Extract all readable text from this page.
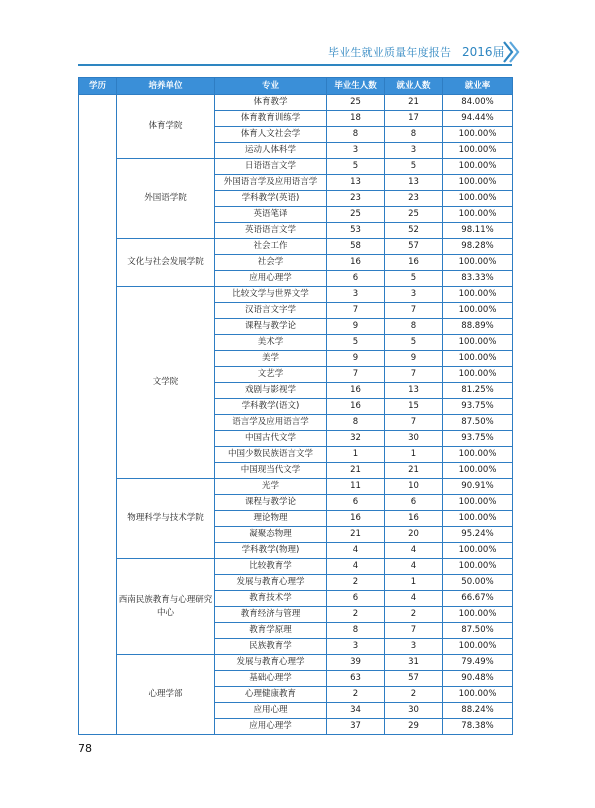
毕业生就业质量年度报告 2016届
学历	培养单位	专业	毕业生人数	就业人数	就业率
	体育学院	体育教学	25	21	84.00%
		体育教育训练学	18	17	94.44%
		体育人文社会学	8	8	100.00%
		运动人体科学	3	3	100.00%
	外国语学院	日语语言文学	5	5	100.00%
		外国语言学及应用语言学	13	13	100.00%
		学科教学(英语)	23	23	100.00%
		英语笔译	25	25	100.00%
		英语语言文学	53	52	98.11%
	文化与社会发展学院	社会工作	58	57	98.28%
		社会学	16	16	100.00%
		应用心理学	6	5	83.33%
	文学院	比较文学与世界文学	3	3	100.00%
		汉语言文字学	7	7	100.00%
		课程与教学论	9	8	88.89%
		美术学	5	5	100.00%
		美学	9	9	100.00%
		文艺学	7	7	100.00%
		戏剧与影视学	16	13	81.25%
		学科教学(语文)	16	15	93.75%
		语言学及应用语言学	8	7	87.50%
		中国古代文学	32	30	93.75%
		中国少数民族语言文学	1	1	100.00%
		中国现当代文学	21	21	100.00%
	物理科学与技术学院	光学	11	10	90.91%
		课程与教学论	6	6	100.00%
		理论物理	16	16	100.00%
		凝聚态物理	21	20	95.24%
		学科教学(物理)	4	4	100.00%
	西南民族教育与心理研究中心	比较教育学	4	4	100.00%
		发展与教育心理学	2	1	50.00%
		教育技术学	6	4	66.67%
		教育经济与管理	2	2	100.00%
		教育学原理	8	7	87.50%
		民族教育学	3	3	100.00%
	心理学部	发展与教育心理学	39	31	79.49%
		基础心理学	63	57	90.48%
		心理健康教育	2	2	100.00%
		应用心理	34	30	88.24%
		应用心理学	37	29	78.38%
78
